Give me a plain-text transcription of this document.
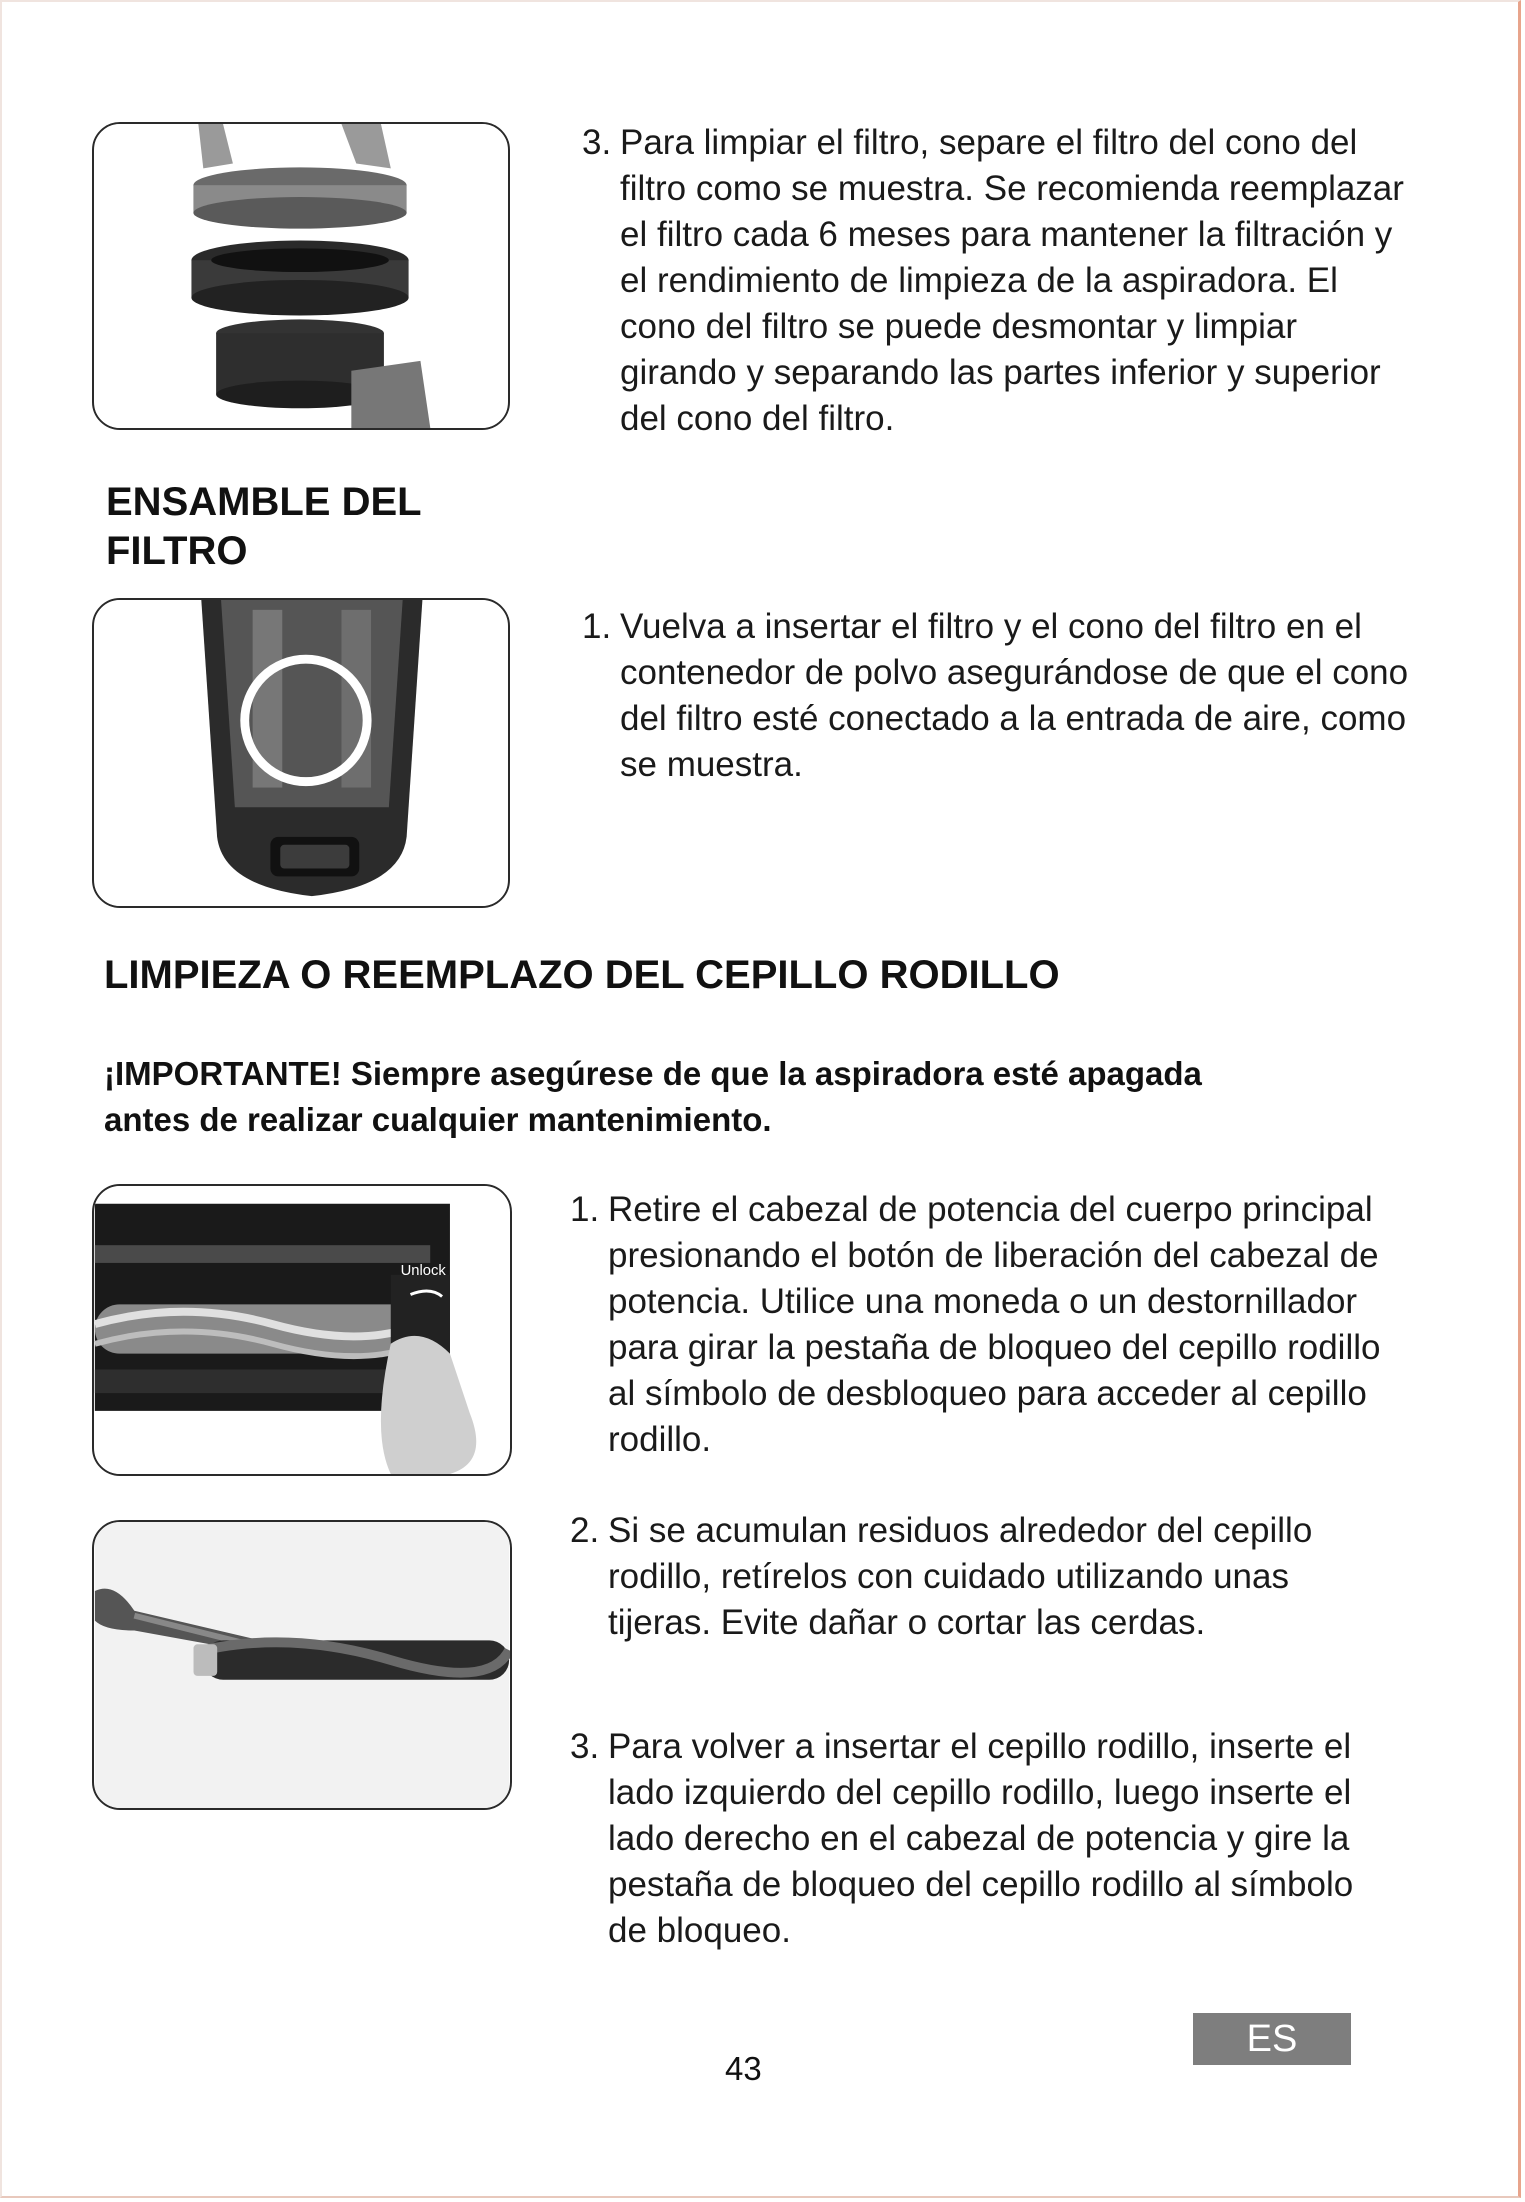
3. Para limpiar el filtro, separe el filtro del cono del filtro como se muestra. Se recomienda reemplazar el filtro cada 6 meses para mantener la filtración y el rendimiento de limpieza de la aspiradora. El cono del filtro se puede desmontar y limpiar girando y separando las partes inferior y superior del cono del filtro.
ENSAMBLE DEL FILTRO
1. Vuelva a insertar el filtro y el cono del filtro en el contenedor de polvo asegurándose de que el cono del filtro esté conectado a la entrada de aire, como se muestra.
LIMPIEZA O REEMPLAZO DEL CEPILLO RODILLO

¡IMPORTANTE! Siempre asegúrese de que la aspiradora esté apagada antes de realizar cualquier mantenimiento.

Unlock
1. Retire el cabezal de potencia del cuerpo principal presionando el botón de liberación del cabezal de potencia. Utilice una moneda o un destornillador para girar la pestaña de bloqueo del cepillo rodillo al símbolo de desbloqueo para acceder al cepillo rodillo.
2. Si se acumulan residuos alrededor del cepillo rodillo, retírelos con cuidado utilizando unas tijeras. Evite dañar o cortar las cerdas.
3. Para volver a insertar el cepillo rodillo, inserte el lado izquierdo del cepillo rodillo, luego inserte el lado derecho en el cabezal de potencia y gire la pestaña de bloqueo del cepillo rodillo al símbolo de bloqueo.
43
ES
